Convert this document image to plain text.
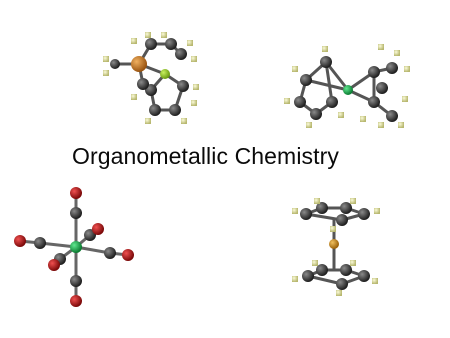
Organometallic Chemistry
